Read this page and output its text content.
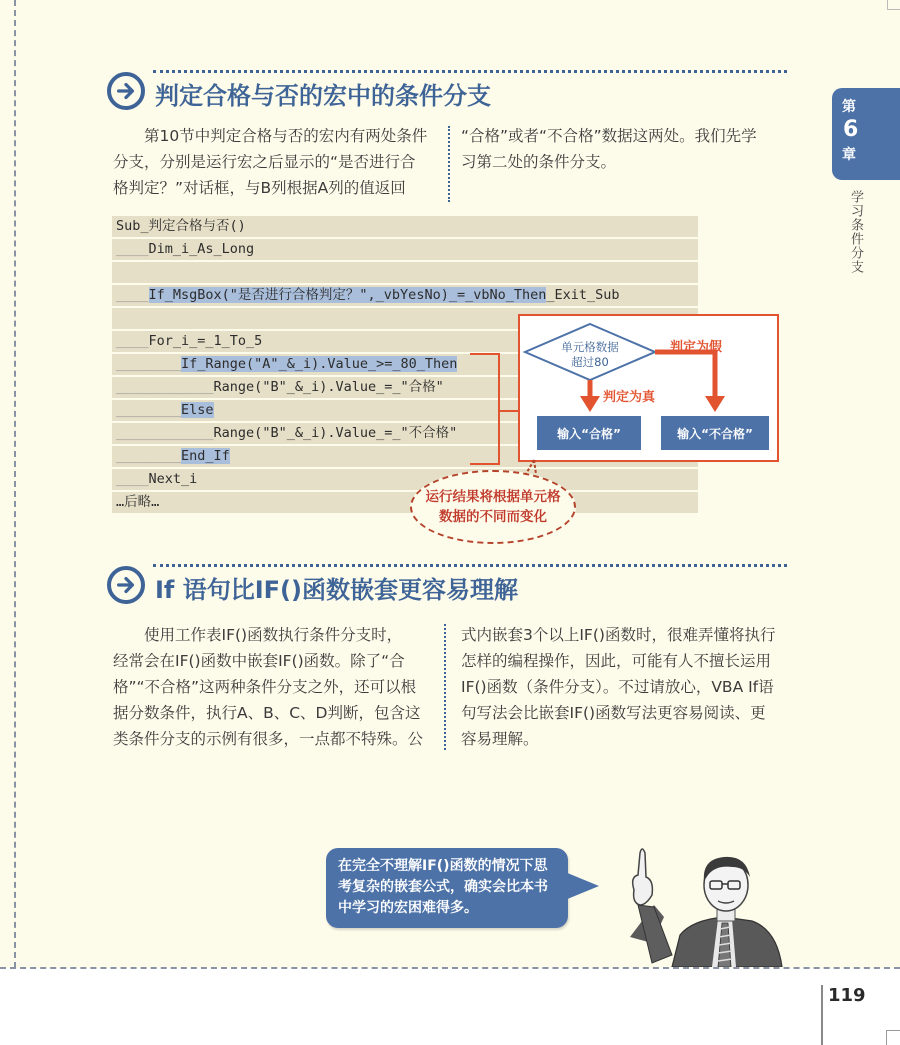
判定合格与否的宏中的条件分支	第
6
章
学习条件分支
　　第10节中判定合格与否的宏内有两处条件
分支，分别是运行宏之后显示的“是否进行合
格判定？”对话框，与B列根据A列的值返回
“合格”或者“不合格”数据这两处。我们先学
习第二处的条件分支。
Sub_判定合格与否()
____Dim_i_As_Long
____If_MsgBox("是否进行合格判定？",_vbYesNo)_=_vbNo_Then_Exit_Sub
____For_i_=_1_To_5
________If_Range("A"_&_i).Value_>=_80_Then
____________Range("B"_&_i).Value_=_"合格"
________Else
____________Range("B"_&_i).Value_=_"不合格"
________End_If
____Next_i
…后略…
单元格数据
超过80
判定为假
判定为真
输入“合格”	输入“不合格”
运行结果将根据单元格数据的不同而变化
If 语句比IF()函数嵌套更容易理解
　　使用工作表IF()函数执行条件分支时，
经常会在IF()函数中嵌套IF()函数。除了“合
格”“不合格”这两种条件分支之外，还可以根
据分数条件，执行A、B、C、D判断，包含这
类条件分支的示例有很多，一点都不特殊。公
式内嵌套3个以上IF()函数时，很难弄懂将执行
怎样的编程操作，因此，可能有人不擅长运用
IF()函数（条件分支）。不过请放心，VBA If语
句写法会比嵌套IF()函数写法更容易阅读、更
容易理解。
在完全不理解IF()函数的情况下思
考复杂的嵌套公式，确实会比本书
中学习的宏困难得多。
119
